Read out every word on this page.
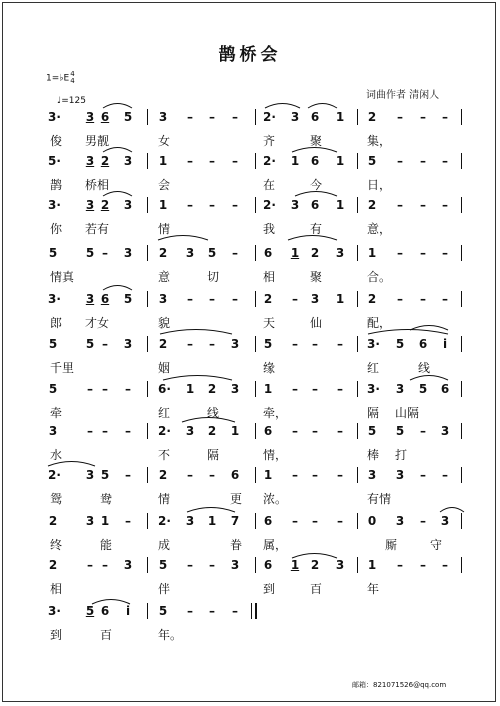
鹊桥会
1=♭E4
4
♩=125	词曲作者 清闲人
3· 3 6 5 3 – – – 2· 3 6 1 2 – – –
俊 男靓	女	齐	聚	集，
5· 3 2 3 1 – – – 2· 1 6 1 5 – – –
鹊 桥相	会	在	今	日，
3· 3 2 3 1 – – – 2· 3 6 1 2 – – –
你 若有	情	我	有	意，
5 5 – 3 2 3 5 – 6 1 2 3 1 – – –
情真	意	切	相	聚	合。
3· 3 6 5 3 – – – 2 – 3 1 2 – – –
郎 才女	貌	天	仙	配，
5 5 – 3 2 – – 3 5 – – – 3· 5 6 i
千里	姻	缘	红	线
5 – – – 6· 1 2 3 1 – – – 3· 3 5 6
牵	红	线	牵，	隔 山隔
3 – – – 2· 3 2 1 6 – – – 5 5 – 3
水	不	隔	情，	棒 打
2· 3 5 – 2 – – 6 1 – – – 3 3 – –
鸳	鸯	情	更 浓。	有情
2 3 1 – 2· 3 1 7 6 – – – 0 3 – 3
终	能	成	眷 属，	厮	守
2 – – 3 5 – – 3 6 1 2 3 1 – – –
相	伴	到	百	年
3· 5 6 i 5 – – –
到	百	年。
邮箱：821071526@qq.com
